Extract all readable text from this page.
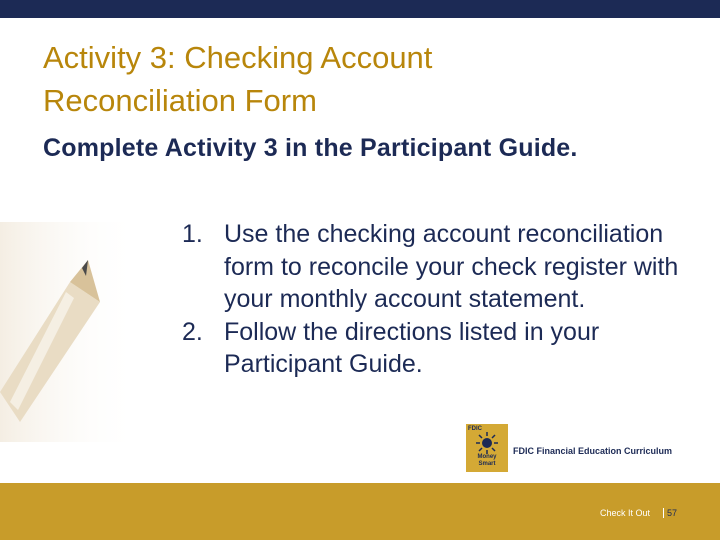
Activity 3: Checking Account
Reconciliation Form
Complete Activity 3 in the Participant Guide.
1. Use the checking account reconciliation form to reconcile your check register with your monthly account statement.
2. Follow the directions listed in your Participant Guide.
FDIC
Money
Smart
FDIC Financial Education Curriculum
Check It Out	57
